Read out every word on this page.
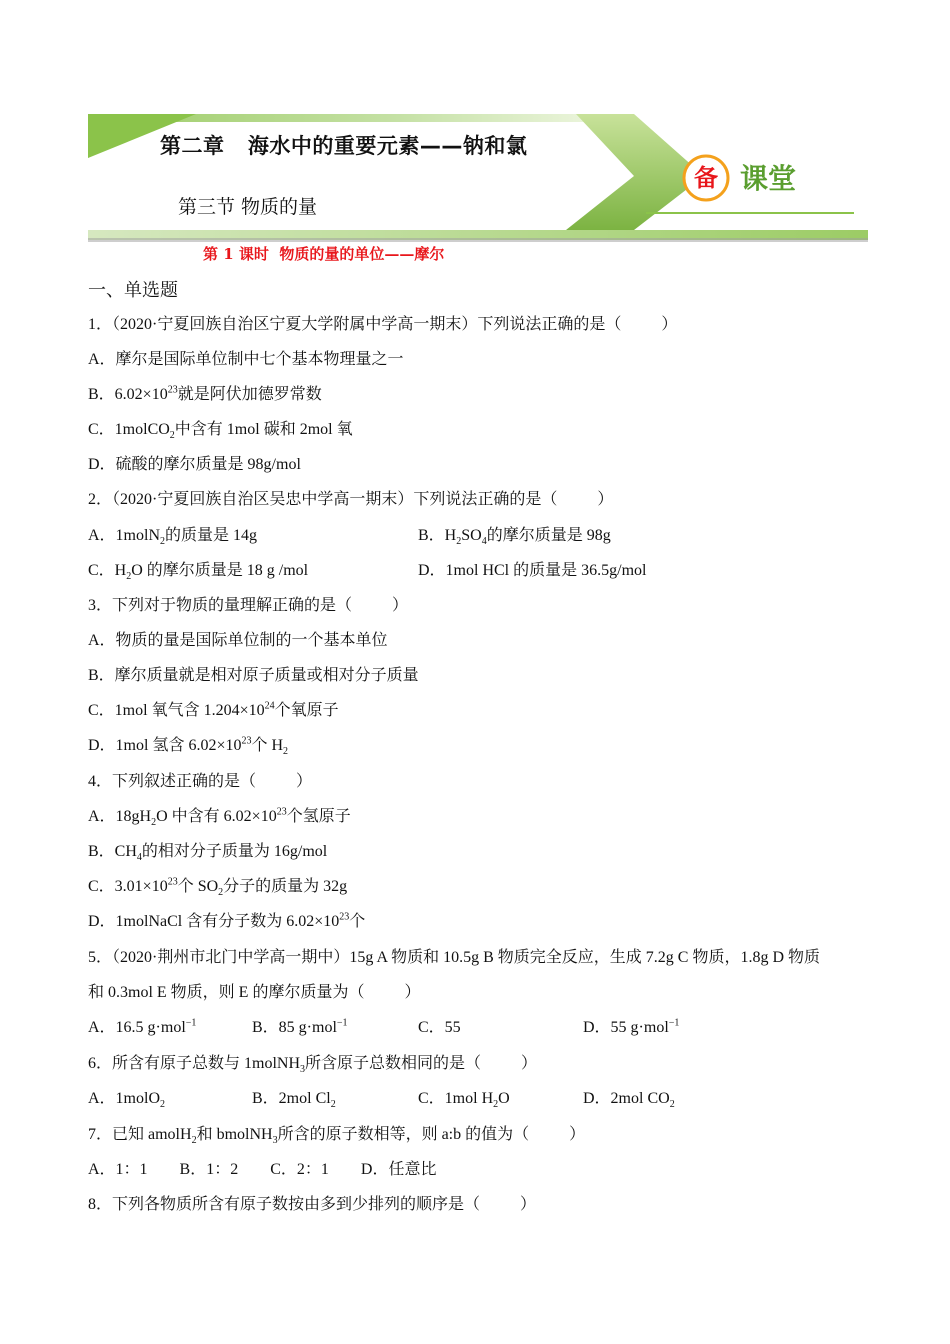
第二章   海水中的重要元素——钠和氯
第三节 物质的量
第 1 课时  物质的量的单位——摩尔
备 课堂
一、单选题
1．（2020·宁夏回族自治区宁夏大学附属中学高一期末）下列说法正确的是（          ）
A．摩尔是国际单位制中七个基本物理量之一
B．$6.02\times 10^{23}$就是阿伏加德罗常数
C．1molCO$_2$中含有 1mol 碳和 2mol 氧
D．硫酸的摩尔质量是 98g/mol
2．（2020·宁夏回族自治区吴忠中学高一期末）下列说法正确的是（          ）
A．1molN$_2$的质量是 14g	B．$H_2SO_4$的摩尔质量是 98g
C．$H_2O$ 的摩尔质量是 18 g /mol	D．1mol HCl 的质量是 36.5g/mol
3．下列对于物质的量理解正确的是（          ）
A．物质的量是国际单位制的一个基本单位
B．摩尔质量就是相对原子质量或相对分子质量
C．1mol 氧气含 $1.204\times 10^{24}$个氧原子
D．1mol 氢含 $6.02\times 10^{23}$个 $H_2$
4．下列叙述正确的是（          ）
A．$18gH_2O$ 中含有 $6.02\times 10^{23}$个氢原子
B．$CH_4$的相对分子质量为 16g/mol
C．$3.01\times 10^{23}$个 $SO_2$分子的质量为 32g
D．1molNaCl 含有分子数为 $6.02\times 10^{23}$个
5．（2020·荆州市北门中学高一期中）15g A 物质和 10.5g B 物质完全反应，生成 7.2g C 物质，1.8g D 物质
和 0.3mol E 物质，则 E 的摩尔质量为（          ）
A．16.5 g·mol$^{-1}$	B．85 g·mol$^{-1}$	C．55	D．55 g·mol$^{-1}$
6．所含有原子总数与 1molNH$_3$所含原子总数相同的是（          ）
A．1molO$_2$	B．2mol $Cl_2$	C．1mol $H_2O$	D．2mol $CO_2$
7．已知 amolH$_2$和 bmolNH$_3$所含的原子数相等，则 a:b 的值为（          ）
A．1：1        B．1：2        C．2：1        D．任意比
8．下列各物质所含有原子数按由多到少排列的顺序是（          ）
